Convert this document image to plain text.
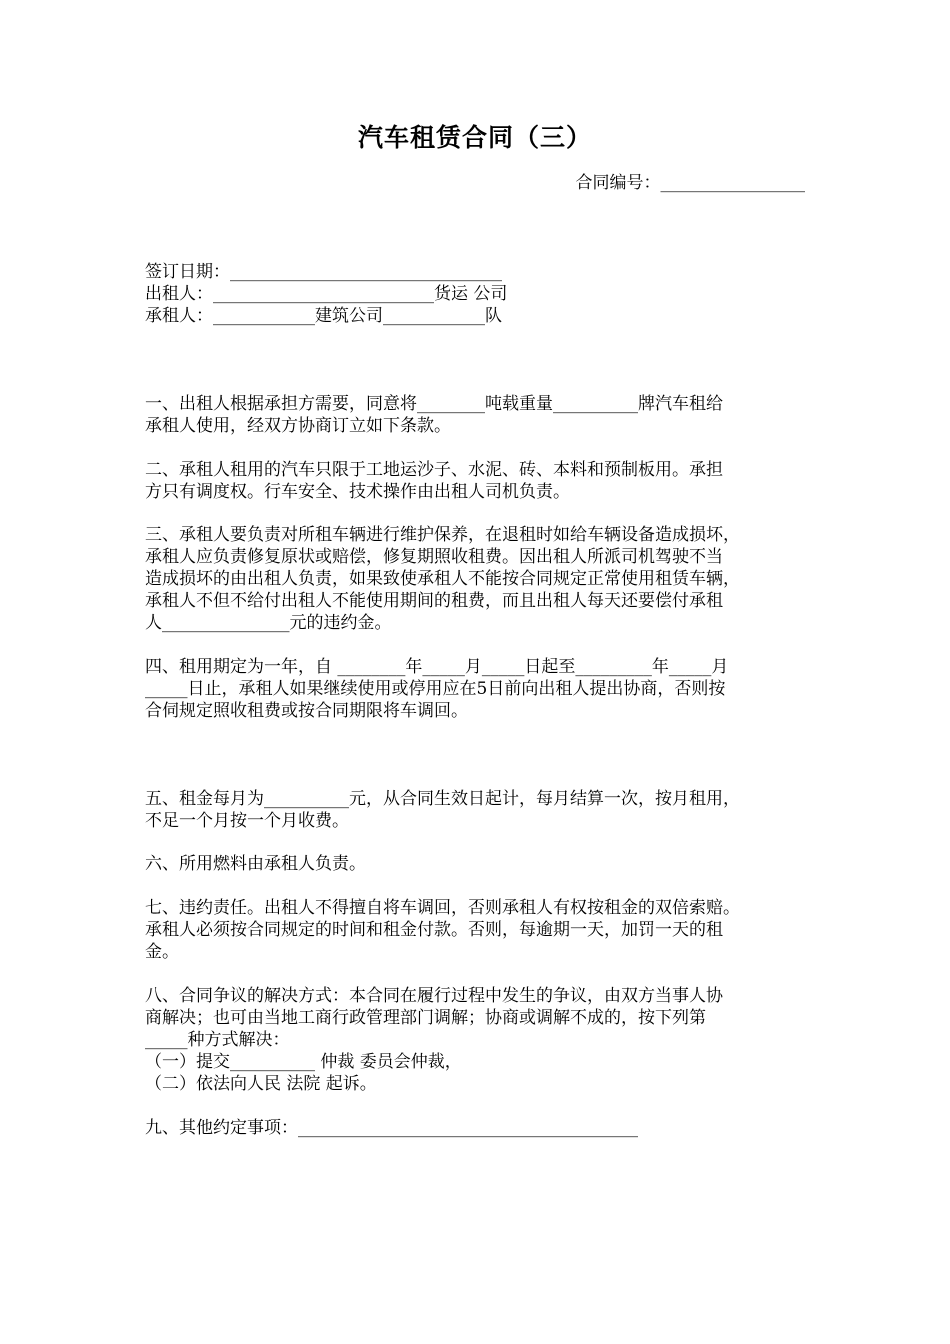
汽车租赁合同（三）
合同编号：_________________
签订日期：________________________________
出租人：__________________________货运 公司
承租人：____________建筑公司____________队
一、出租人根据承担方需要，同意将________吨载重量__________牌汽车租给
承租人使用，经双方协商订立如下条款。
二、承租人租用的汽车只限于工地运沙子、水泥、砖、本料和预制板用。承担
方只有调度权。行车安全、技术操作由出租人司机负责。
三、承租人要负责对所租车辆进行维护保养，在退租时如给车辆设备造成损坏，
承租人应负责修复原状或赔偿，修复期照收租费。因出租人所派司机驾驶不当
造成损坏的由出租人负责，如果致使承租人不能按合同规定正常使用租赁车辆，
承租人不但不给付出租人不能使用期间的租费，而且出租人每天还要偿付承租
人_______________元的违约金。
四、租用期定为一年，自 ________年_____月_____日起至_________年_____月
_____日止，承租人如果继续使用或停用应在5日前向出租人提出协商，否则按
合伺规定照收租费或按合同期限将车调回。
五、租金每月为__________元，从合同生效日起计，每月结算一次，按月租用，
不足一个月按一个月收费。
六、所用燃料由承租人负责。
七、违约责任。出租人不得擅自将车调回，否则承租人有权按租金的双倍索赔。
承租人必须按合同规定的时间和租金付款。否则，每逾期一天，加罚一天的租
金。
八、合同争议的解决方式：本合同在履行过程中发生的争议，由双方当事人协
商解决；也可由当地工商行政管理部门调解；协商或调解不成的，按下列第
_____种方式解决：
（一）提交__________ 仲裁 委员会仲裁，
（二）依法向人民 法院 起诉。
九、其他约定事项：________________________________________
